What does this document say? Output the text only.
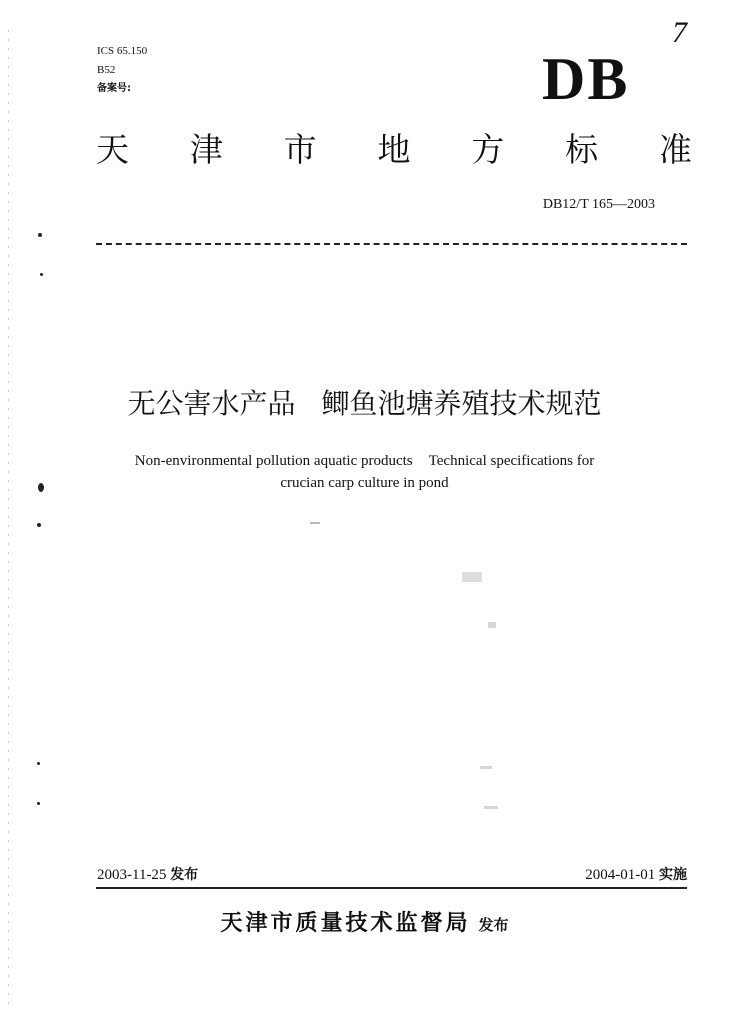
7
ICS 65.150
B52
备案号:	DB
天 津 市 地 方 标 准
DB12/T 165—2003
无公害水产品 鲫鱼池塘养殖技术规范
Non-environmental pollution aquatic products Technical specifications for
crucian carp culture in pond
2003-11-25 发布	2004-01-01 实施
天津市质量技术监督局 发布
